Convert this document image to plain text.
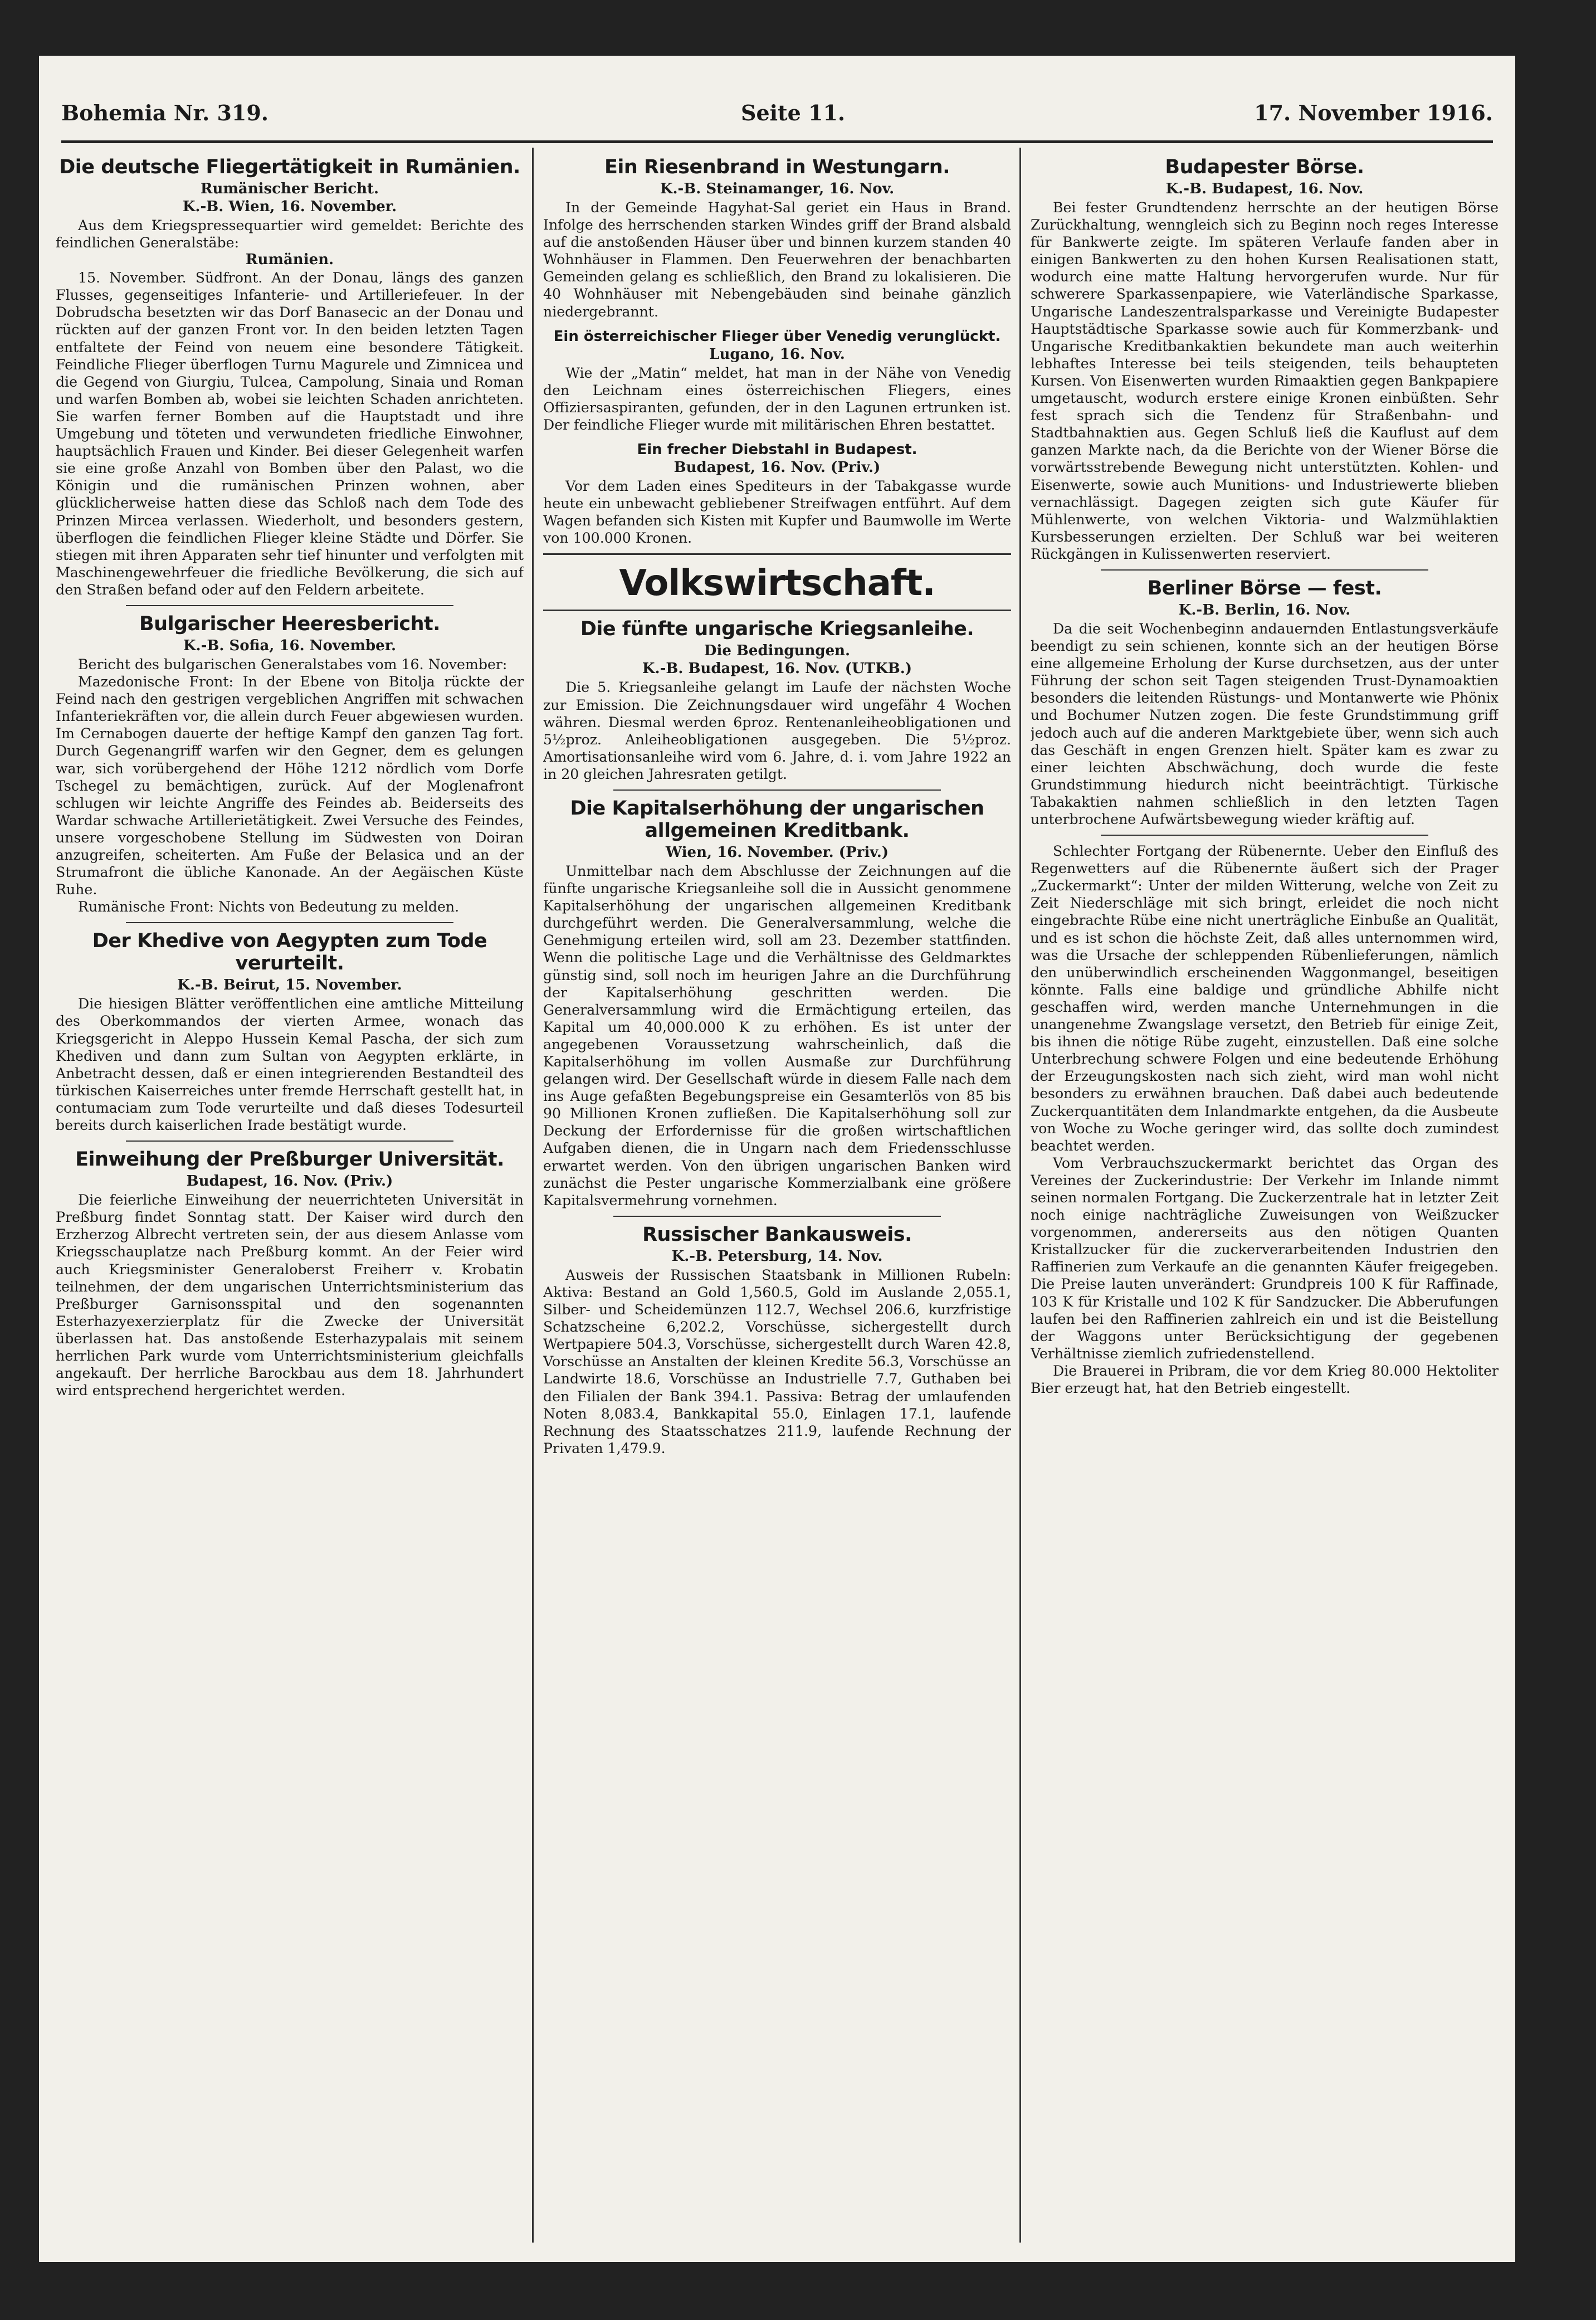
Bohemia Nr. 319.	Seite 11.	17. November 1916.
Die deutsche Fliegertätigkeit in Rumänien.
Rumänischer Bericht.
K.-B. Wien, 16. November.

Aus dem Kriegspressequartier wird gemeldet: Berichte des feindlichen Generalstäbe:

Rumänien.

15. November. Südfront. An der Donau, längs des ganzen Flusses, gegenseitiges Infanterie- und Artilleriefeuer. In der Dobrudscha besetzten wir das Dorf Banasecic an der Donau und rückten auf der ganzen Front vor. In den beiden letzten Tagen entfaltete der Feind von neuem eine besondere Tätigkeit. Feindliche Flieger überflogen Turnu Magurele und Zimnicea und die Gegend von Giurgiu, Tulcea, Campolung, Sinaia und Roman und warfen Bomben ab, wobei sie leichten Schaden anrichteten. Sie warfen ferner Bomben auf die Hauptstadt und ihre Umgebung und töteten und verwundeten friedliche Einwohner, hauptsächlich Frauen und Kinder. Bei dieser Gelegenheit warfen sie eine große Anzahl von Bomben über den Palast, wo die Königin und die rumänischen Prinzen wohnen, aber glücklicherweise hatten diese das Schloß nach dem Tode des Prinzen Mircea verlassen. Wiederholt, und besonders gestern, überflogen die feindlichen Flieger kleine Städte und Dörfer. Sie stiegen mit ihren Apparaten sehr tief hinunter und verfolgten mit Maschinengewehrfeuer die friedliche Bevölkerung, die sich auf den Straßen befand oder auf den Feldern arbeitete.

Bulgarischer Heeresbericht.
K.-B. Sofia, 16. November.

Bericht des bulgarischen Generalstabes vom 16. November:

Mazedonische Front: In der Ebene von Bitolja rückte der Feind nach den gestrigen vergeblichen Angriffen mit schwachen Infanteriekräften vor, die allein durch Feuer abgewiesen wurden. Im Cernabogen dauerte der heftige Kampf den ganzen Tag fort. Durch Gegenangriff warfen wir den Gegner, dem es gelungen war, sich vorübergehend der Höhe 1212 nördlich vom Dorfe Tschegel zu bemächtigen, zurück. Auf der Moglenafront schlugen wir leichte Angriffe des Feindes ab. Beiderseits des Wardar schwache Artillerietätigkeit. Zwei Versuche des Feindes, unsere vorgeschobene Stellung im Südwesten von Doiran anzugreifen, scheiterten. Am Fuße der Belasica und an der Strumafront die übliche Kanonade. An der Aegäischen Küste Ruhe.

Rumänische Front: Nichts von Bedeutung zu melden.

Der Khedive von Aegypten zum Tode verurteilt.
K.-B. Beirut, 15. November.

Die hiesigen Blätter veröffentlichen eine amtliche Mitteilung des Oberkommandos der vierten Armee, wonach das Kriegsgericht in Aleppo Hussein Kemal Pascha, der sich zum Khediven und dann zum Sultan von Aegypten erklärte, in Anbetracht dessen, daß er einen integrierenden Bestandteil des türkischen Kaiserreiches unter fremde Herrschaft gestellt hat, in contumaciam zum Tode verurteilte und daß dieses Todesurteil bereits durch kaiserlichen Irade bestätigt wurde.

Einweihung der Preßburger Universität.
Budapest, 16. Nov. (Priv.)

Die feierliche Einweihung der neuerrichteten Universität in Preßburg findet Sonntag statt. Der Kaiser wird durch den Erzherzog Albrecht vertreten sein, der aus diesem Anlasse vom Kriegsschauplatze nach Preßburg kommt. An der Feier wird auch Kriegsminister Generaloberst Freiherr v. Krobatin teilnehmen, der dem ungarischen Unterrichtsministerium das Preßburger Garnisonsspital und den sogenannten Esterhazyexerzierplatz für die Zwecke der Universität überlassen hat. Das anstoßende Esterhazypalais mit seinem herrlichen Park wurde vom Unterrichtsministerium gleichfalls angekauft. Der herrliche Barockbau aus dem 18. Jahrhundert wird entsprechend hergerichtet werden.

Ein Riesenbrand in Westungarn.
K.-B. Steinamanger, 16. Nov.

In der Gemeinde Hagyhat-Sal geriet ein Haus in Brand. Infolge des herrschenden starken Windes griff der Brand alsbald auf die anstoßenden Häuser über und binnen kurzem standen 40 Wohnhäuser in Flammen. Den Feuerwehren der benachbarten Gemeinden gelang es schließlich, den Brand zu lokalisieren. Die 40 Wohnhäuser mit Nebengebäuden sind beinahe gänzlich niedergebrannt.

Ein österreichischer Flieger über Venedig verunglückt.
Lugano, 16. Nov.

Wie der „Matin“ meldet, hat man in der Nähe von Venedig den Leichnam eines österreichischen Fliegers, eines Offiziersaspiranten, gefunden, der in den Lagunen ertrunken ist. Der feindliche Flieger wurde mit militärischen Ehren bestattet.

Ein frecher Diebstahl in Budapest.
Budapest, 16. Nov. (Priv.)

Vor dem Laden eines Spediteurs in der Tabakgasse wurde heute ein unbewacht gebliebener Streifwagen entführt. Auf dem Wagen befanden sich Kisten mit Kupfer und Baumwolle im Werte von 100.000 Kronen.

Volkswirtschaft.
Die fünfte ungarische Kriegsanleihe.
Die Bedingungen.
K.-B. Budapest, 16. Nov. (UTKB.)

Die 5. Kriegsanleihe gelangt im Laufe der nächsten Woche zur Emission. Die Zeichnungsdauer wird ungefähr 4 Wochen währen. Diesmal werden 6proz. Rentenanleiheobligationen und 5½proz. Anleiheobligationen ausgegeben. Die 5½proz. Amortisationsanleihe wird vom 6. Jahre, d. i. vom Jahre 1922 an in 20 gleichen Jahresraten getilgt.

Die Kapitalserhöhung der ungarischen allgemeinen Kreditbank.
Wien, 16. November. (Priv.)

Unmittelbar nach dem Abschlusse der Zeichnungen auf die fünfte ungarische Kriegsanleihe soll die in Aussicht genommene Kapitalserhöhung der ungarischen allgemeinen Kreditbank durchgeführt werden. Die Generalversammlung, welche die Genehmigung erteilen wird, soll am 23. Dezember stattfinden. Wenn die politische Lage und die Verhältnisse des Geldmarktes günstig sind, soll noch im heurigen Jahre an die Durchführung der Kapitalserhöhung geschritten werden. Die Generalversammlung wird die Ermächtigung erteilen, das Kapital um 40,000.000 K zu erhöhen. Es ist unter der angegebenen Voraussetzung wahrscheinlich, daß die Kapitalserhöhung im vollen Ausmaße zur Durchführung gelangen wird. Der Gesellschaft würde in diesem Falle nach dem ins Auge gefaßten Begebungspreise ein Gesamterlös von 85 bis 90 Millionen Kronen zufließen. Die Kapitalserhöhung soll zur Deckung der Erfordernisse für die großen wirtschaftlichen Aufgaben dienen, die in Ungarn nach dem Friedensschlusse erwartet werden. Von den übrigen ungarischen Banken wird zunächst die Pester ungarische Kommerzialbank eine größere Kapitalsvermehrung vornehmen.

Russischer Bankausweis.
K.-B. Petersburg, 14. Nov.

Ausweis der Russischen Staatsbank in Millionen Rubeln: Aktiva: Bestand an Gold 1,560.5, Gold im Auslande 2,055.1, Silber- und Scheidemünzen 112.7, Wechsel 206.6, kurzfristige Schatzscheine 6,202.2, Vorschüsse, sichergestellt durch Wertpapiere 504.3, Vorschüsse, sichergestellt durch Waren 42.8, Vorschüsse an Anstalten der kleinen Kredite 56.3, Vorschüsse an Landwirte 18.6, Vorschüsse an Industrielle 7.7, Guthaben bei den Filialen der Bank 394.1. Passiva: Betrag der umlaufenden Noten 8,083.4, Bankkapital 55.0, Einlagen 17.1, laufende Rechnung des Staatsschatzes 211.9, laufende Rechnung der Privaten 1,479.9.

Budapester Börse.
K.-B. Budapest, 16. Nov.

Bei fester Grundtendenz herrschte an der heutigen Börse Zurückhaltung, wenngleich sich zu Beginn noch reges Interesse für Bankwerte zeigte. Im späteren Verlaufe fanden aber in einigen Bankwerten zu den hohen Kursen Realisationen statt, wodurch eine matte Haltung hervorgerufen wurde. Nur für schwerere Sparkassenpapiere, wie Vaterländische Sparkasse, Ungarische Landeszentralsparkasse und Vereinigte Budapester Hauptstädtische Sparkasse sowie auch für Kommerzbank- und Ungarische Kreditbankaktien bekundete man auch weiterhin lebhaftes Interesse bei teils steigenden, teils behaupteten Kursen. Von Eisenwerten wurden Rimaaktien gegen Bankpapiere umgetauscht, wodurch erstere einige Kronen einbüßten. Sehr fest sprach sich die Tendenz für Straßenbahn- und Stadtbahnaktien aus. Gegen Schluß ließ die Kauflust auf dem ganzen Markte nach, da die Berichte von der Wiener Börse die vorwärtsstrebende Bewegung nicht unterstützten. Kohlen- und Eisenwerte, sowie auch Munitions- und Industriewerte blieben vernachlässigt. Dagegen zeigten sich gute Käufer für Mühlenwerte, von welchen Viktoria- und Walzmühlaktien Kursbesserungen erzielten. Der Schluß war bei weiteren Rückgängen in Kulissenwerten reserviert.

Berliner Börse — fest.
K.-B. Berlin, 16. Nov.

Da die seit Wochenbeginn andauernden Entlastungsverkäufe beendigt zu sein schienen, konnte sich an der heutigen Börse eine allgemeine Erholung der Kurse durchsetzen, aus der unter Führung der schon seit Tagen steigenden Trust-Dynamoaktien besonders die leitenden Rüstungs- und Montanwerte wie Phönix und Bochumer Nutzen zogen. Die feste Grundstimmung griff jedoch auch auf die anderen Marktgebiete über, wenn sich auch das Geschäft in engen Grenzen hielt. Später kam es zwar zu einer leichten Abschwächung, doch wurde die feste Grundstimmung hiedurch nicht beeinträchtigt. Türkische Tabakaktien nahmen schließlich in den letzten Tagen unterbrochene Aufwärtsbewegung wieder kräftig auf.

Schlechter Fortgang der Rübenernte. Ueber den Einfluß des Regenwetters auf die Rübenernte äußert sich der Prager „Zuckermarkt“: Unter der milden Witterung, welche von Zeit zu Zeit Niederschläge mit sich bringt, erleidet die noch nicht eingebrachte Rübe eine nicht unerträgliche Einbuße an Qualität, und es ist schon die höchste Zeit, daß alles unternommen wird, was die Ursache der schleppenden Rübenlieferungen, nämlich den unüberwindlich erscheinenden Waggonmangel, beseitigen könnte. Falls eine baldige und gründliche Abhilfe nicht geschaffen wird, werden manche Unternehmungen in die unangenehme Zwangslage versetzt, den Betrieb für einige Zeit, bis ihnen die nötige Rübe zugeht, einzustellen. Daß eine solche Unterbrechung schwere Folgen und eine bedeutende Erhöhung der Erzeugungskosten nach sich zieht, wird man wohl nicht besonders zu erwähnen brauchen. Daß dabei auch bedeutende Zuckerquantitäten dem Inlandmarkte entgehen, da die Ausbeute von Woche zu Woche geringer wird, das sollte doch zumindest beachtet werden.

Vom Verbrauchszuckermarkt berichtet das Organ des Vereines der Zuckerindustrie: Der Verkehr im Inlande nimmt seinen normalen Fortgang. Die Zuckerzentrale hat in letzter Zeit noch einige nachträgliche Zuweisungen von Weißzucker vorgenommen, andererseits aus den nötigen Quanten Kristallzucker für die zuckerverarbeitenden Industrien den Raffinerien zum Verkaufe an die genannten Käufer freigegeben. Die Preise lauten unverändert: Grundpreis 100 K für Raffinade, 103 K für Kristalle und 102 K für Sandzucker. Die Abberufungen laufen bei den Raffinerien zahlreich ein und ist die Beistellung der Waggons unter Berücksichtigung der gegebenen Verhältnisse ziemlich zufriedenstellend.

Die Brauerei in Pribram, die vor dem Krieg 80.000 Hektoliter Bier erzeugt hat, hat den Betrieb eingestellt.
